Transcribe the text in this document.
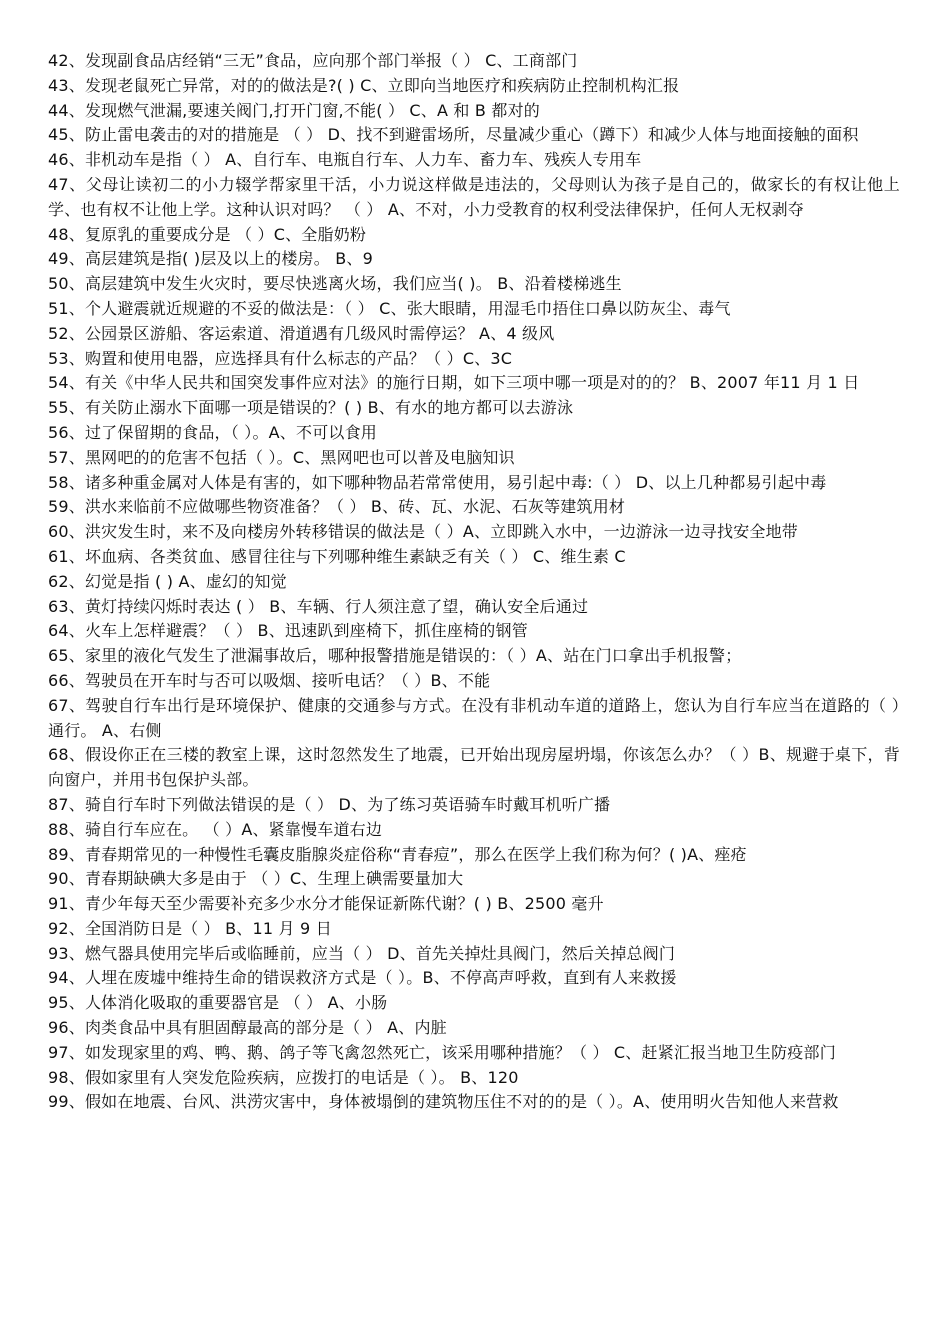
42、发现副食品店经销“三无”食品，应向那个部门举报（ ） C、工商部门

43、发现老鼠死亡异常，对的的做法是?( ) C、立即向当地医疗和疾病防止控制机构汇报

44、发现燃气泄漏,要速关阀门,打开门窗,不能( ） C、A 和 B 都对的

45、防止雷电袭击的对的措施是 （ ） D、找不到避雷场所，尽量减少重心（蹲下）和减少人体与地面接触的面积

46、非机动车是指（ ） A、自行车、电瓶自行车、人力车、畜力车、残疾人专用车

47、父母让读初二的小力辍学帮家里干活，小力说这样做是违法的，父母则认为孩子是自己的，做家长的有权让他上学、也有权不让他上学。这种认识对吗？ （ ） A、不对，小力受教育的权利受法律保护，任何人无权剥夺

48、复原乳的重要成分是 （ ）C、全脂奶粉

49、高层建筑是指( )层及以上的楼房。 B、9

50、高层建筑中发生火灾时，要尽快逃离火场，我们应当( )。 B、沿着楼梯逃生

51、个人避震就近规避的不妥的做法是：（ ） C、张大眼睛，用湿毛巾捂住口鼻以防灰尘、毒气

52、公园景区游船、客运索道、滑道遇有几级风时需停运？ A、4 级风

53、购置和使用电器，应选择具有什么标志的产品？（ ）C、3C

54、有关《中华人民共和国突发事件应对法》的施行日期，如下三项中哪一项是对的的？ B、2007 年11 月 1 日

55、有关防止溺水下面哪一项是错误的？( ) B、有水的地方都可以去游泳

56、过了保留期的食品，（ ）。A、不可以食用

57、黑网吧的的危害不包括（ ）。C、黑网吧也可以普及电脑知识

58、诸多种重金属对人体是有害的，如下哪种物品若常常使用，易引起中毒:（ ） D、以上几种都易引起中毒

59、洪水来临前不应做哪些物资准备？（ ） B、砖、瓦、水泥、石灰等建筑用材

60、洪灾发生时，来不及向楼房外转移错误的做法是（ ）A、立即跳入水中，一边游泳一边寻找安全地带

61、坏血病、各类贫血、感冒往往与下列哪种维生素缺乏有关（ ） C、维生素 C

62、幻觉是指 ( ) A、虚幻的知觉

63、黄灯持续闪烁时表达 ( ） B、车辆、行人须注意了望，确认安全后通过

64、火车上怎样避震？（ ） B、迅速趴到座椅下，抓住座椅的钢管

65、家里的液化气发生了泄漏事故后，哪种报警措施是错误的：（ ）A、站在门口拿出手机报警；

66、驾驶员在开车时与否可以吸烟、接听电话？（ ）B、不能

67、驾驶自行车出行是环境保护、健康的交通参与方式。在没有非机动车道的道路上，您认为自行车应当在道路的（ ）通行。 A、右侧

68、假设你正在三楼的教室上课，这时忽然发生了地震，已开始出现房屋坍塌，你该怎么办？（ ）B、规避于桌下，背向窗户，并用书包保护头部。

87、骑自行车时下列做法错误的是（ ） D、为了练习英语骑车时戴耳机听广播

88、骑自行车应在。 （ ）A、紧靠慢车道右边

89、青春期常见的一种慢性毛囊皮脂腺炎症俗称“青春痘”，那么在医学上我们称为何？( )A、痤疮

90、青春期缺碘大多是由于 （ ）C、生理上碘需要量加大

91、青少年每天至少需要补充多少水分才能保证新陈代谢？( ) B、2500 毫升

92、全国消防日是（ ） B、11 月 9 日

93、燃气器具使用完毕后或临睡前，应当（ ） D、首先关掉灶具阀门，然后关掉总阀门

94、人埋在废墟中维持生命的错误救济方式是（ ）。B、不停高声呼救，直到有人来救援

95、人体消化吸取的重要器官是 （ ） A、小肠

96、肉类食品中具有胆固醇最高的部分是（ ） A、内脏

97、如发现家里的鸡、鸭、鹅、鸽子等飞禽忽然死亡，该采用哪种措施？（ ） C、赶紧汇报当地卫生防疫部门

98、假如家里有人突发危险疾病，应拨打的电话是（ ）。 B、120

99、假如在地震、台风、洪涝灾害中，身体被塌倒的建筑物压住不对的的是（ ）。A、使用明火告知他人来营救
